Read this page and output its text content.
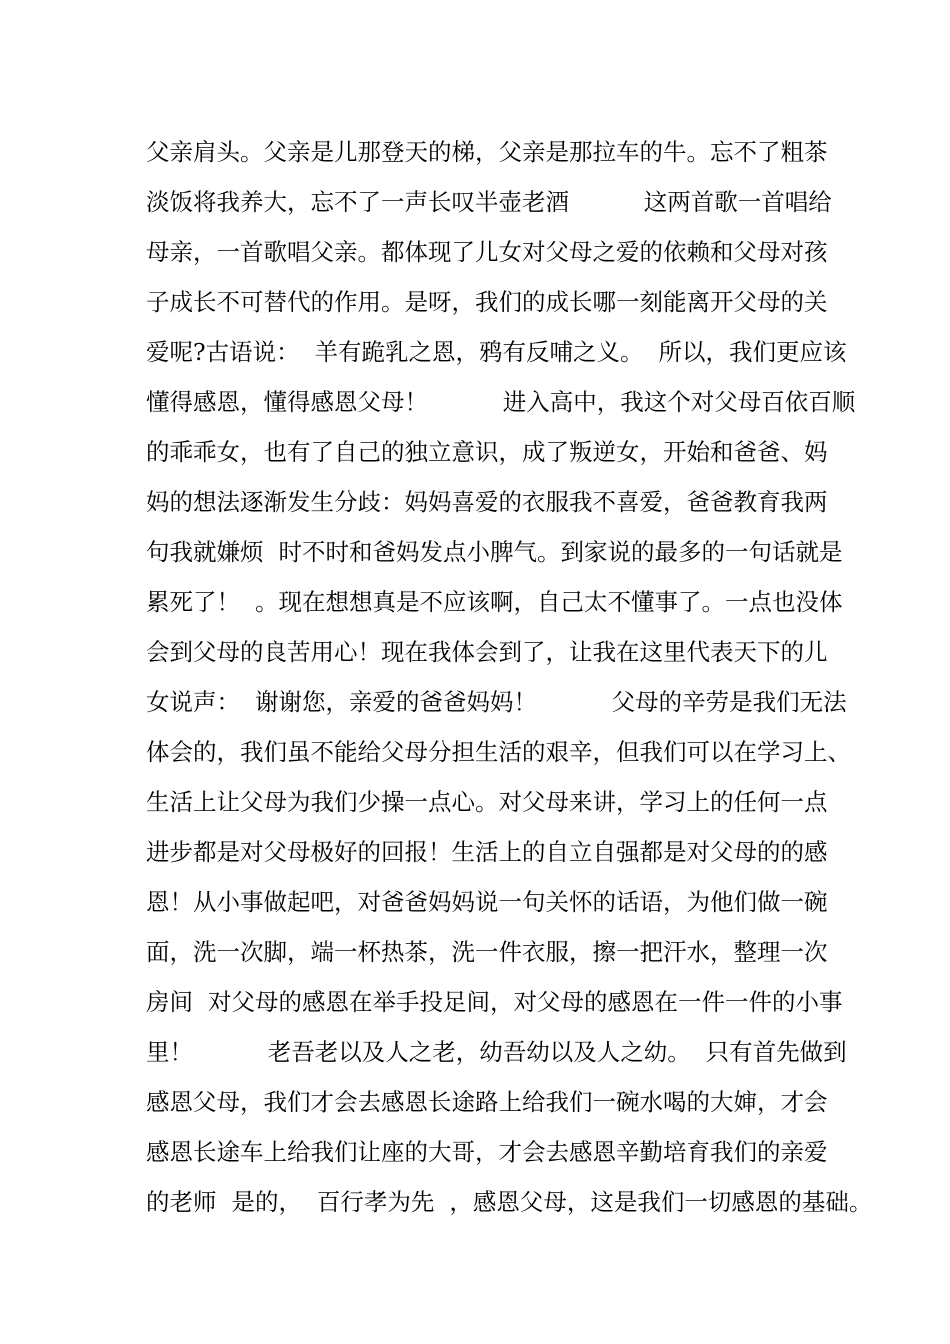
父亲肩头。父亲是儿那登天的梯，父亲是那拉车的牛。忘不了粗茶
淡饭将我养大，忘不了一声长叹半壶老酒          这两首歌一首唱给
母亲，一首歌唱父亲。都体现了儿女对父母之爱的依赖和父母对孩
子成长不可替代的作用。是呀，我们的成长哪一刻能离开父母的关
爱呢?古语说：  羊有跪乳之恩，鸦有反哺之义。  所以，我们更应该
懂得感恩，懂得感恩父母！          进入高中，我这个对父母百依百顺
的乖乖女，也有了自己的独立意识，成了叛逆女，开始和爸爸、妈
妈的想法逐渐发生分歧：妈妈喜爱的衣服我不喜爱，爸爸教育我两
句我就嫌烦  时不时和爸妈发点小脾气。到家说的最多的一句话就是
累死了！  。现在想想真是不应该啊，自己太不懂事了。一点也没体
会到父母的良苦用心！现在我体会到了，让我在这里代表天下的儿
女说声：  谢谢您，亲爱的爸爸妈妈！          父母的辛劳是我们无法
体会的，我们虽不能给父母分担生活的艰辛，但我们可以在学习上、
生活上让父母为我们少操一点心。对父母来讲，学习上的任何一点
进步都是对父母极好的回报！生活上的自立自强都是对父母的的感
恩！从小事做起吧，对爸爸妈妈说一句关怀的话语，为他们做一碗
面，洗一次脚，端一杯热茶，洗一件衣服，擦一把汗水，整理一次
房间  对父母的感恩在举手投足间，对父母的感恩在一件一件的小事
里！          老吾老以及人之老，幼吾幼以及人之幼。  只有首先做到
感恩父母，我们才会去感恩长途路上给我们一碗水喝的大婶，才会
感恩长途车上给我们让座的大哥，才会去感恩辛勤培育我们的亲爱
的老师  是的，  百行孝为先  ，感恩父母，这是我们一切感恩的基础。
